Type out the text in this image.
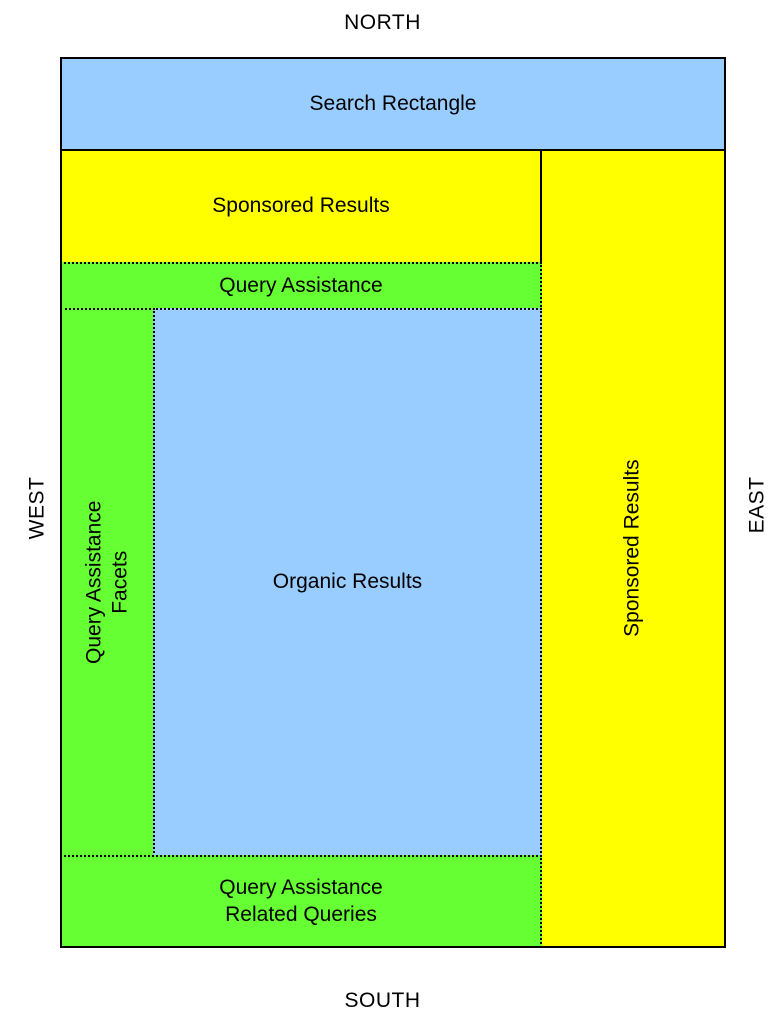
NORTH
SOUTH
WEST	EAST
Search Rectangle
Sponsored Results
Sponsored Results
Query Assistance
Query Assistance Facets	Organic Results
Query Assistance
Related Queries
